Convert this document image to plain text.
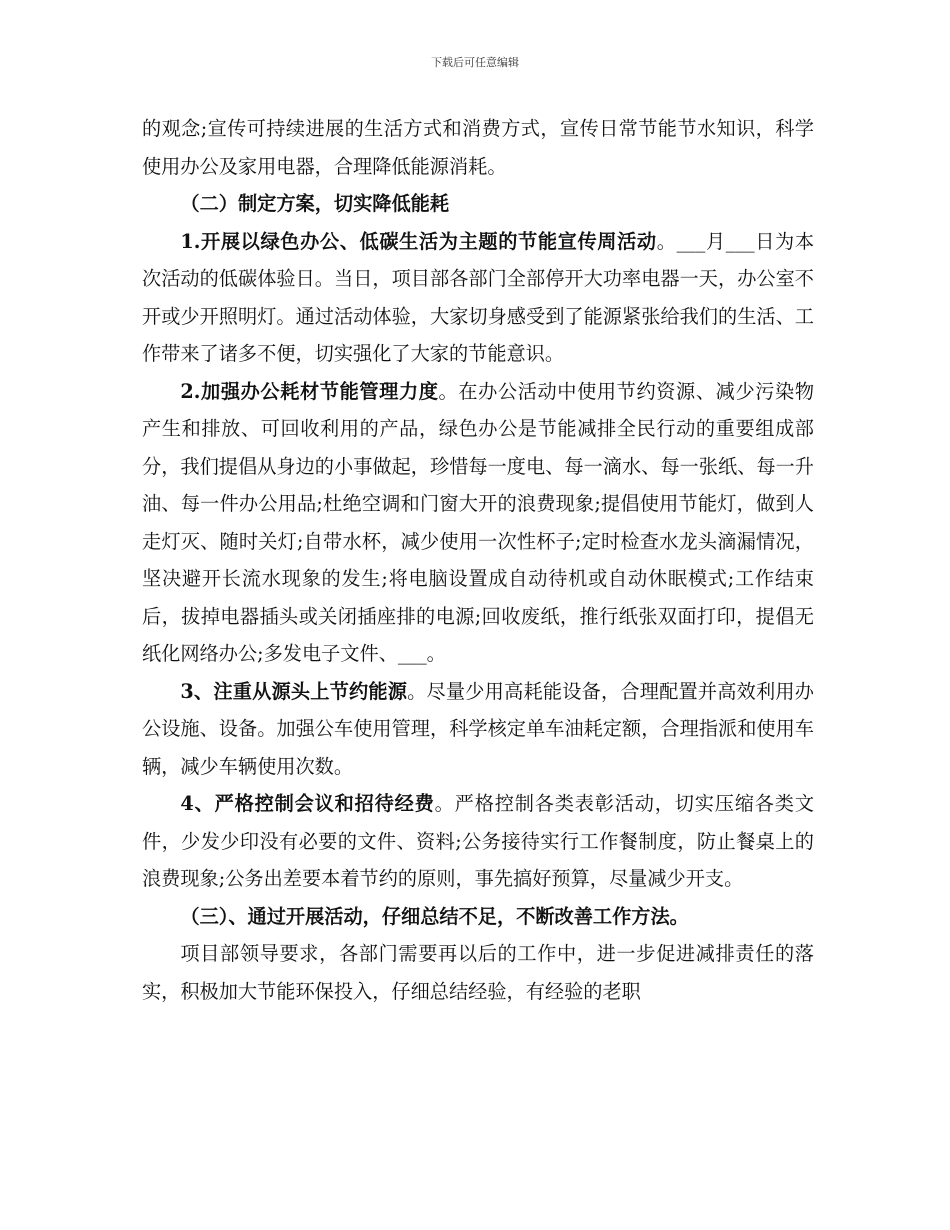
下载后可任意编辑

的观念;宣传可持续进展的生活方式和消费方式，宣传日常节能节水知识，科学使用办公及家用电器，合理降低能源消耗。

（二）制定方案，切实降低能耗

1.开展以绿色办公、低碳生活为主题的节能宣传周活动。___月___日为本次活动的低碳体验日。当日，项目部各部门全部停开大功率电器一天，办公室不开或少开照明灯。通过活动体验，大家切身感受到了能源紧张给我们的生活、工作带来了诸多不便，切实强化了大家的节能意识。

2.加强办公耗材节能管理力度。在办公活动中使用节约资源、减少污染物产生和排放、可回收利用的产品，绿色办公是节能减排全民行动的重要组成部分，我们提倡从身边的小事做起，珍惜每一度电、每一滴水、每一张纸、每一升油、每一件办公用品;杜绝空调和门窗大开的浪费现象;提倡使用节能灯，做到人走灯灭、随时关灯;自带水杯，减少使用一次性杯子;定时检查水龙头滴漏情况，坚决避开长流水现象的发生;将电脑设置成自动待机或自动休眠模式;工作结束后，拔掉电器插头或关闭插座排的电源;回收废纸，推行纸张双面打印，提倡无纸化网络办公;多发电子文件、___。

3、注重从源头上节约能源。尽量少用高耗能设备，合理配置并高效利用办公设施、设备。加强公车使用管理，科学核定单车油耗定额，合理指派和使用车辆，减少车辆使用次数。

4、严格控制会议和招待经费。严格控制各类表彰活动，切实压缩各类文件，少发少印没有必要的文件、资料;公务接待实行工作餐制度，防止餐桌上的浪费现象;公务出差要本着节约的原则，事先搞好预算，尽量减少开支。

（三）、通过开展活动，仔细总结不足，不断改善工作方法。

项目部领导要求，各部门需要再以后的工作中，进一步促进减排责任的落实，积极加大节能环保投入，仔细总结经验，有经验的老职
